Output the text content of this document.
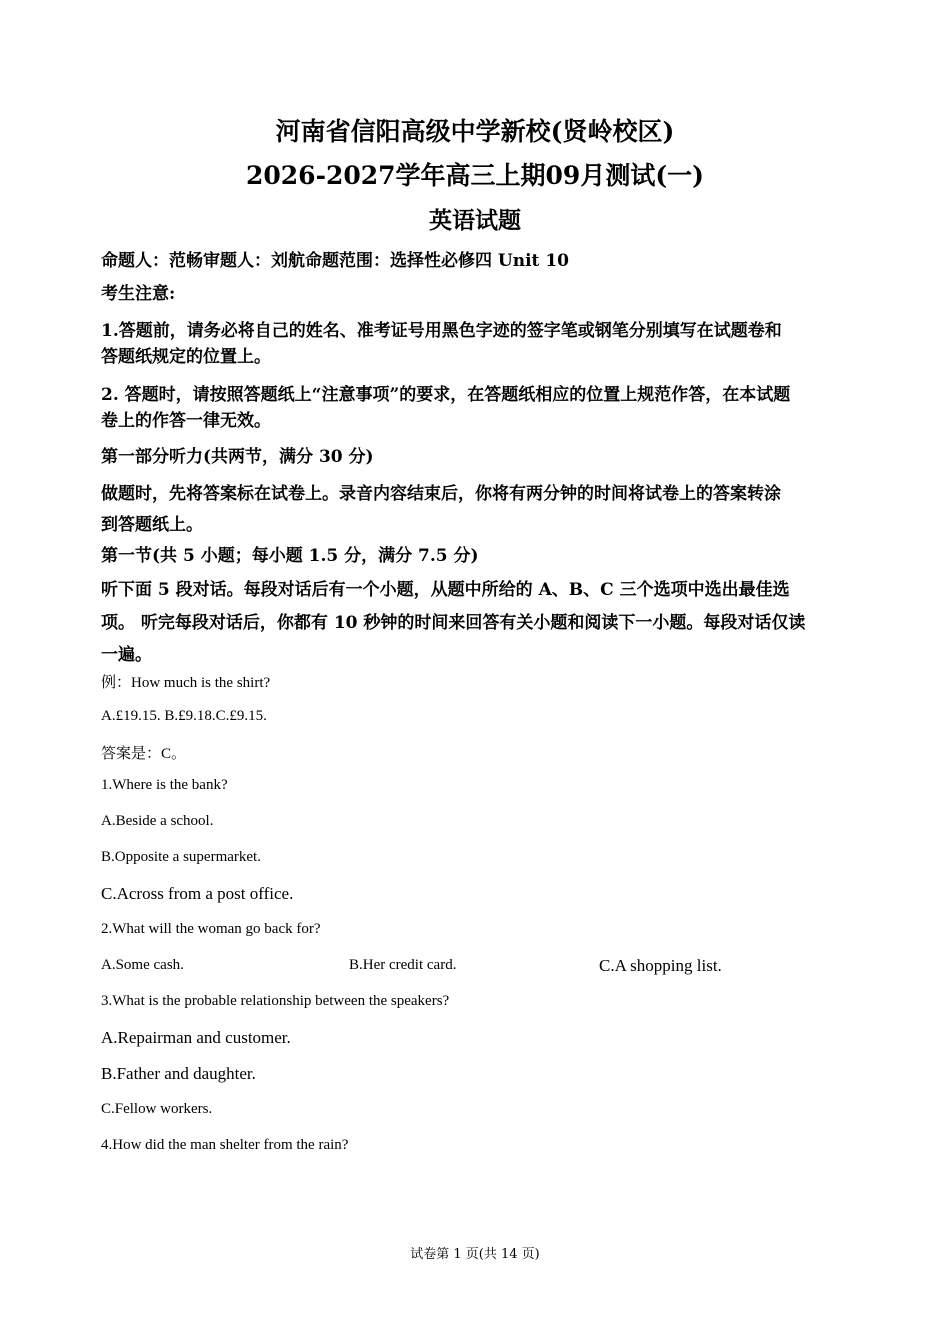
河南省信阳高级中学新校(贤岭校区)
2026-2027学年高三上期09月测试(一)
英语试题
命题人：范畅审题人：刘航命题范围：选择性必修四 Unit 10
考生注意:
1.答题前，请务必将自己的姓名、准考证号用黑色字迹的签字笔或钢笔分别填写在试题卷和
答题纸规定的位置上。
2. 答题时，请按照答题纸上“注意事项”的要求，在答题纸相应的位置上规范作答，在本试题
卷上的作答一律无效。
第一部分听力(共两节，满分 30 分)
做题时，先将答案标在试卷上。录音内容结束后，你将有两分钟的时间将试卷上的答案转涂
到答题纸上。
第一节(共 5 小题；每小题 1.5 分，满分 7.5 分)
听下面 5 段对话。每段对话后有一个小题，从题中所给的 A、B、C 三个选项中选出最佳选
项。 听完每段对话后，你都有 10 秒钟的时间来回答有关小题和阅读下一小题。每段对话仅读
一遍。
例：How much is the shirt?
A.£19.15. B.£9.18.C.£9.15.
答案是：C。
1.Where is the bank?
A.Beside a school.
B.Opposite a supermarket.
C.Across from a post office.
2.What will the woman go back for?
A.Some cash.	B.Her credit card.	C.A shopping list.
3.What is the probable relationship between the speakers?
A.Repairman and customer.
B.Father and daughter.
C.Fellow workers.
4.How did the man shelter from the rain?
试卷第 1 页(共 14 页)
